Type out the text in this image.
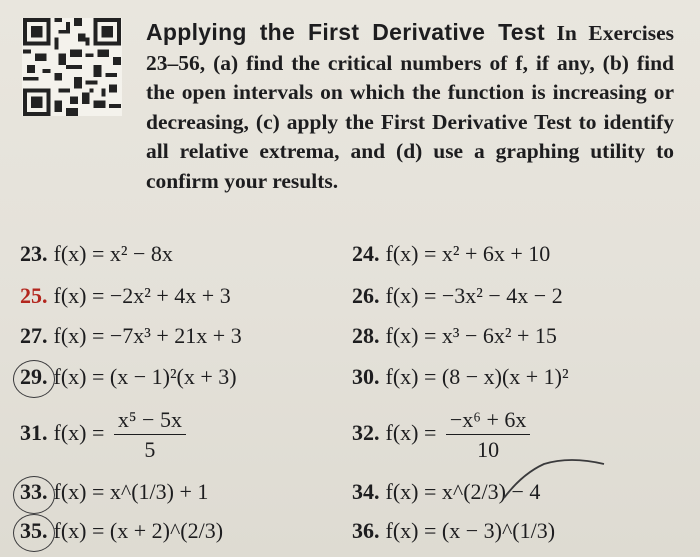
Applying the First Derivative Test In Exercises 23–56, (a) find the critical numbers of f, if any, (b) find the open intervals on which the function is increasing or decreasing, (c) apply the First Derivative Test to identify all relative extrema, and (d) use a graphing utility to confirm your results.
23. f(x) = x² − 8x	24. f(x) = x² + 6x + 10
25. f(x) = −2x² + 4x + 3	26. f(x) = −3x² − 4x − 2
27. f(x) = −7x³ + 21x + 3	28. f(x) = x³ − 6x² + 15
29. f(x) = (x − 1)²(x + 3)	30. f(x) = (8 − x)(x + 1)²
31. $f(x) = \frac{\text{x⁵ − 5x}}{5}$	32. $f(x) = \frac{\text{−x⁶ + 6x}}{10}$
33. f(x) = x^(1/3) + 1	34. f(x) = x^(2/3) − 4
35. f(x) = (x + 2)^(2/3)	36. f(x) = (x − 3)^(1/3)
